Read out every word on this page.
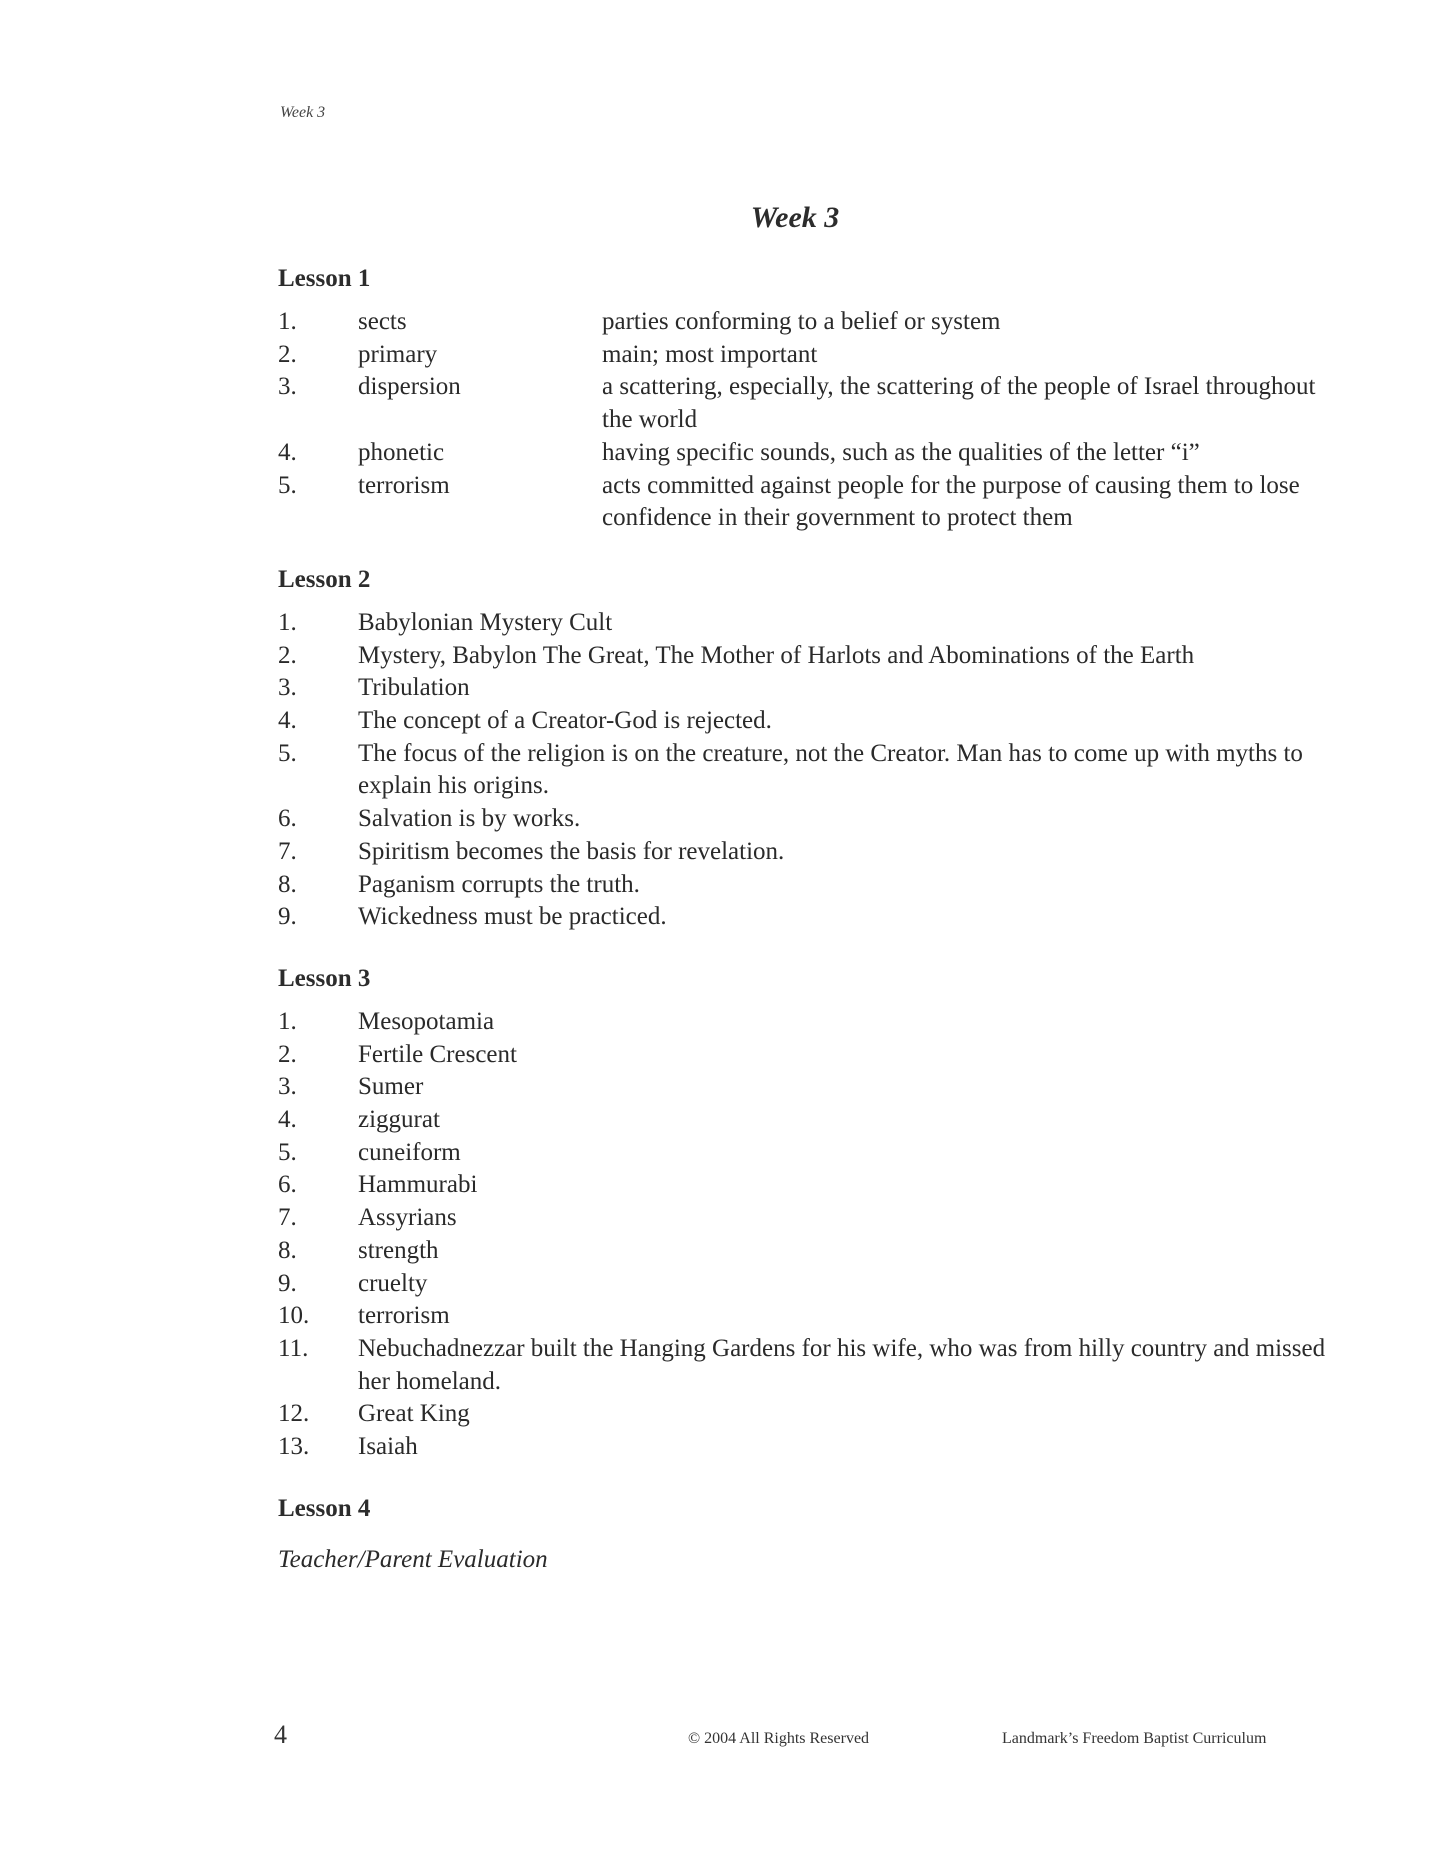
Week 3
Week 3
Lesson 1
1.	sects	parties conforming to a belief or system
2.	primary	main; most important
3.	dispersion	a scattering, especially, the scattering of the people of Israel throughout the world
4.	phonetic	having specific sounds, such as the qualities of the letter “i”
5.	terrorism	acts committed against people for the purpose of causing them to lose confidence in their government to protect them
Lesson 2
1.	Babylonian Mystery Cult
2.	Mystery, Babylon The Great, The Mother of Harlots and Abominations of the Earth
3.	Tribulation
4.	The concept of a Creator-God is rejected.
5.	The focus of the religion is on the creature, not the Creator. Man has to come up with myths to explain his origins.
6.	Salvation is by works.
7.	Spiritism becomes the basis for revelation.
8.	Paganism corrupts the truth.
9.	Wickedness must be practiced.
Lesson 3
1.	Mesopotamia
2.	Fertile Crescent
3.	Sumer
4.	ziggurat
5.	cuneiform
6.	Hammurabi
7.	Assyrians
8.	strength
9.	cruelty
10.	terrorism
11.	Nebuchadnezzar built the Hanging Gardens for his wife, who was from hilly country and missed her homeland.
12.	Great King
13.	Isaiah
Lesson 4
Teacher/Parent Evaluation
4	© 2004 All Rights Reserved	Landmark’s Freedom Baptist Curriculum
